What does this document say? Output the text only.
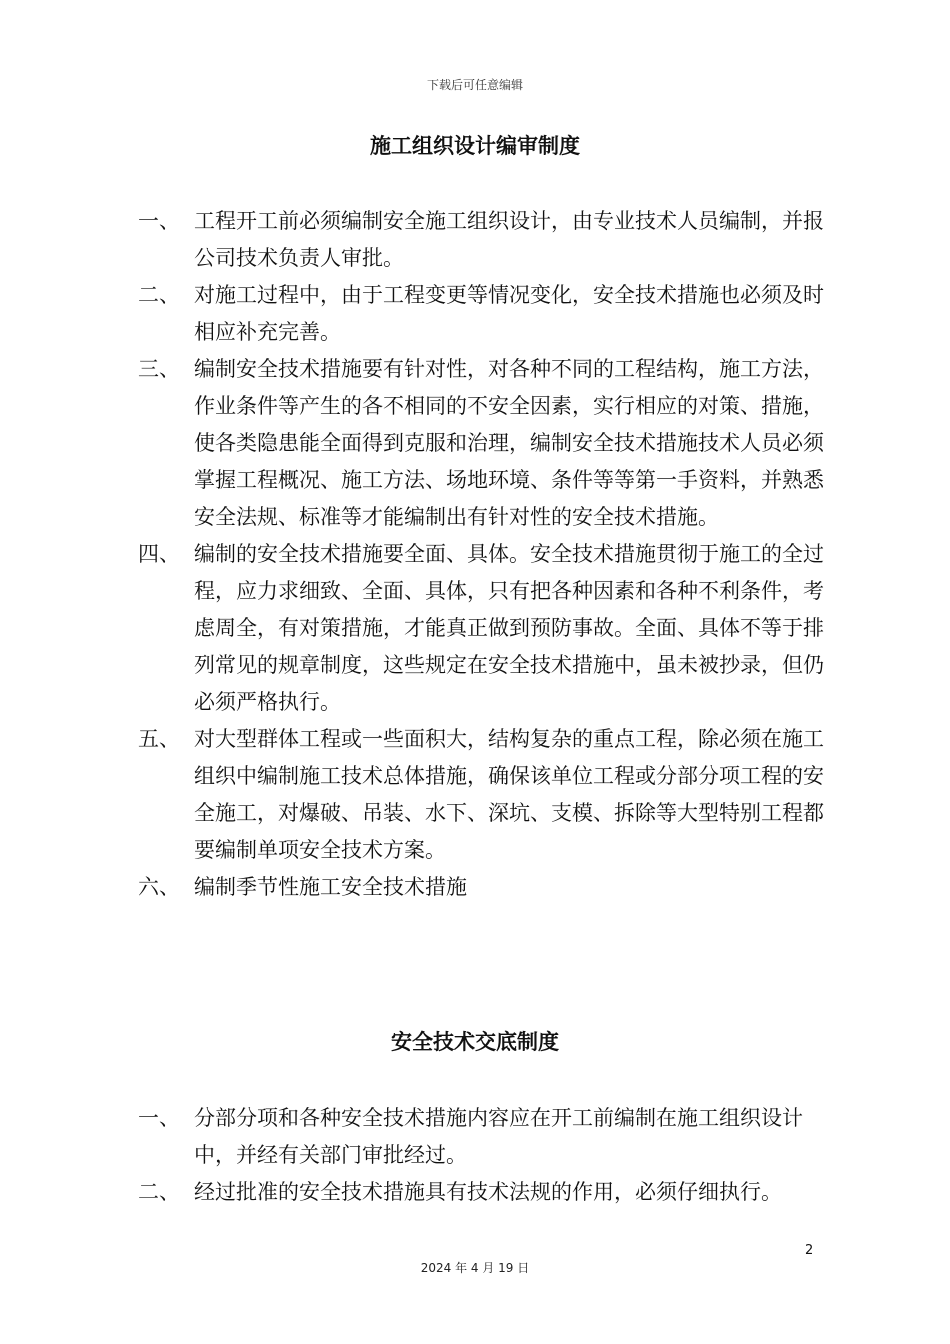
下载后可任意编辑
施工组织设计编审制度
一、 工程开工前必须编制安全施工组织设计，由专业技术人员编制，并报公司技术负责人审批。
二、 对施工过程中，由于工程变更等情况变化，安全技术措施也必须及时相应补充完善。
三、 编制安全技术措施要有针对性，对各种不同的工程结构，施工方法，作业条件等产生的各不相同的不安全因素，实行相应的对策、措施，使各类隐患能全面得到克服和治理，编制安全技术措施技术人员必须掌握工程概况、施工方法、场地环境、条件等等第一手资料，并熟悉安全法规、标准等才能编制出有针对性的安全技术措施。
四、 编制的安全技术措施要全面、具体。安全技术措施贯彻于施工的全过程，应力求细致、全面、具体，只有把各种因素和各种不利条件，考虑周全，有对策措施，才能真正做到预防事故。全面、具体不等于排列常见的规章制度，这些规定在安全技术措施中，虽未被抄录，但仍必须严格执行。
五、 对大型群体工程或一些面积大，结构复杂的重点工程，除必须在施工组织中编制施工技术总体措施，确保该单位工程或分部分项工程的安全施工，对爆破、吊装、水下、深坑、支模、拆除等大型特别工程都要编制单项安全技术方案。
六、 编制季节性施工安全技术措施
安全技术交底制度
一、 分部分项和各种安全技术措施内容应在开工前编制在施工组织设计中，并经有关部门审批经过。
二、 经过批准的安全技术措施具有技术法规的作用，必须仔细执行。
2
2024 年 4 月 19 日
